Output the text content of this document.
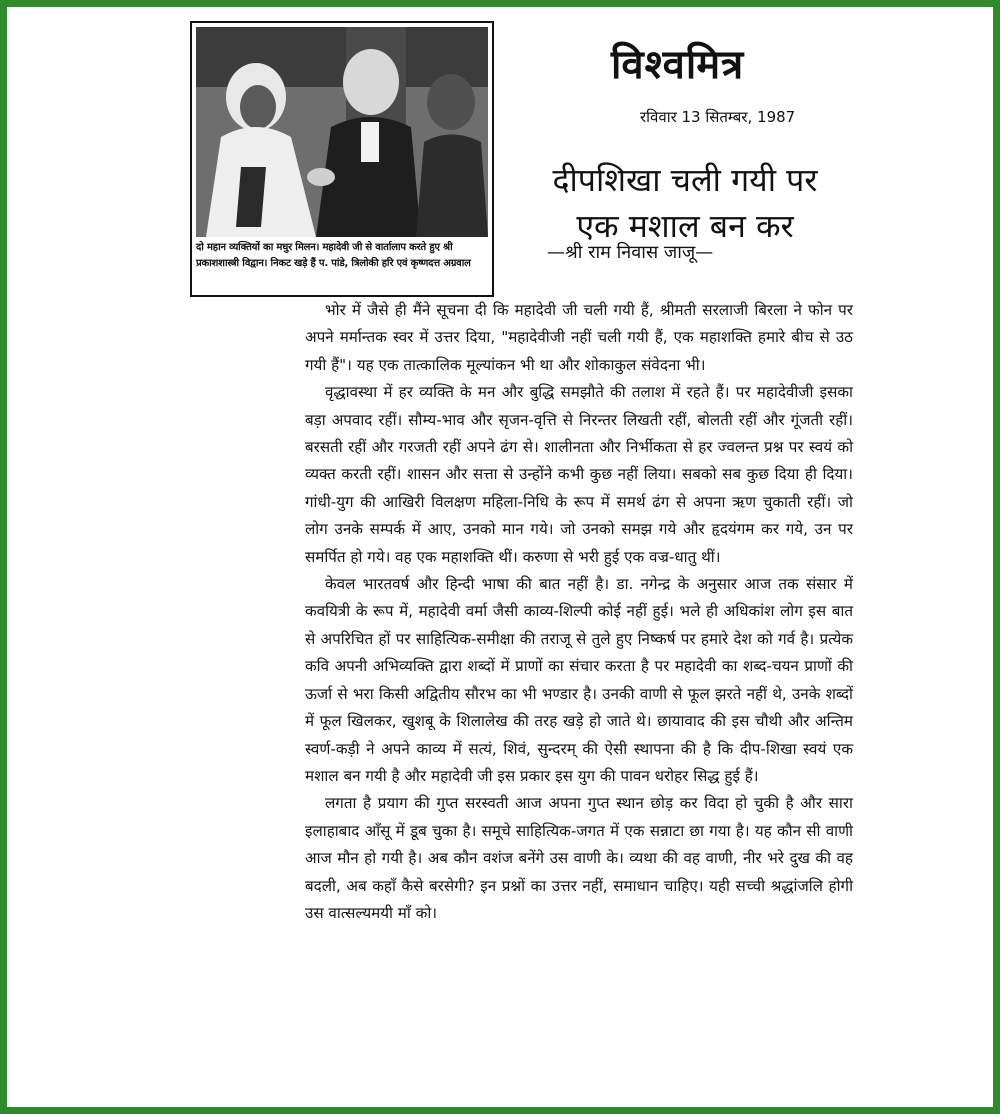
दो महान व्यक्तियों का मधुर मिलन। महादेवी जी से वार्तालाप करते हुए श्री प्रकाशशास्त्री विद्वान। निकट खड़े हैं प. पांडे, त्रिलोकी हरि एवं कृष्णदत्त अग्रवाल
विश्वमित्र
रविवार 13 सितम्बर, 1987
दीपशिखा चली गयी पर
एक मशाल बन कर
—श्री राम निवास जाजू—

भोर में जैसे ही मैंने सूचना दी कि महादेवी जी चली गयी हैं, श्रीमती सरलाजी बिरला ने फोन पर अपने मर्मान्तक स्वर में उत्तर दिया, "महादेवीजी नहीं चली गयी हैं, एक महाशक्ति हमारे बीच से उठ गयी हैं"। यह एक तात्कालिक मूल्यांकन भी था और शोकाकुल संवेदना भी।

वृद्धावस्था में हर व्यक्ति के मन और बुद्धि समझौते की तलाश में रहते हैं। पर महादेवीजी इसका बड़ा अपवाद रहीं। सौम्य-भाव और सृजन-वृत्ति से निरन्तर लिखती रहीं, बोलती रहीं और गूंजती रहीं। बरसती रहीं और गरजती रहीं अपने ढंग से। शालीनता और निर्भीकता से हर ज्वलन्त प्रश्न पर स्वयं को व्यक्त करती रहीं। शासन और सत्ता से उन्होंने कभी कुछ नहीं लिया। सबको सब कुछ दिया ही दिया। गांधी-युग की आखिरी विलक्षण महिला-निधि के रूप में समर्थ ढंग से अपना ऋण चुकाती रहीं। जो लोग उनके सम्पर्क में आए, उनको मान गये। जो उनको समझ गये और हृदयंगम कर गये, उन पर समर्पित हो गये। वह एक महाशक्ति थीं। करुणा से भरी हुई एक वज्र-धातु थीं।

केवल भारतवर्ष और हिन्दी भाषा की बात नहीं है। डा. नगेन्द्र के अनुसार आज तक संसार में कवयित्री के रूप में, महादेवी वर्मा जैसी काव्य-शिल्पी कोई नहीं हुई। भले ही अधिकांश लोग इस बात से अपरिचित हों पर साहित्यिक-समीक्षा की तराजू से तुले हुए निष्कर्ष पर हमारे देश को गर्व है। प्रत्येक कवि अपनी अभिव्यक्ति द्वारा शब्दों में प्राणों का संचार करता है पर महादेवी का शब्द-चयन प्राणों की ऊर्जा से भरा किसी अद्वितीय सौरभ का भी भण्डार है। उनकी वाणी से फूल झरते नहीं थे, उनके शब्दों में फूल खिलकर, खुशबू के शिलालेख की तरह खड़े हो जाते थे। छायावाद की इस चौथी और अन्तिम स्वर्ण-कड़ी ने अपने काव्य में सत्यं, शिवं, सुन्दरम् की ऐसी स्थापना की है कि दीप-शिखा स्वयं एक मशाल बन गयी है और महादेवी जी इस प्रकार इस युग की पावन धरोहर सिद्ध हुई हैं।

लगता है प्रयाग की गुप्त सरस्वती आज अपना गुप्त स्थान छोड़ कर विदा हो चुकी है और सारा इलाहाबाद आँसू में डूब चुका है। समूचे साहित्यिक-जगत में एक सन्नाटा छा गया है। यह कौन सी वाणी आज मौन हो गयी है। अब कौन वशंज बनेंगे उस वाणी के। व्यथा की वह वाणी, नीर भरे दुख की वह बदली, अब कहाँ कैसे बरसेगी? इन प्रश्नों का उत्तर नहीं, समाधान चाहिए। यही सच्ची श्रद्धांजलि होगी उस वात्सल्यमयी माँ को।
